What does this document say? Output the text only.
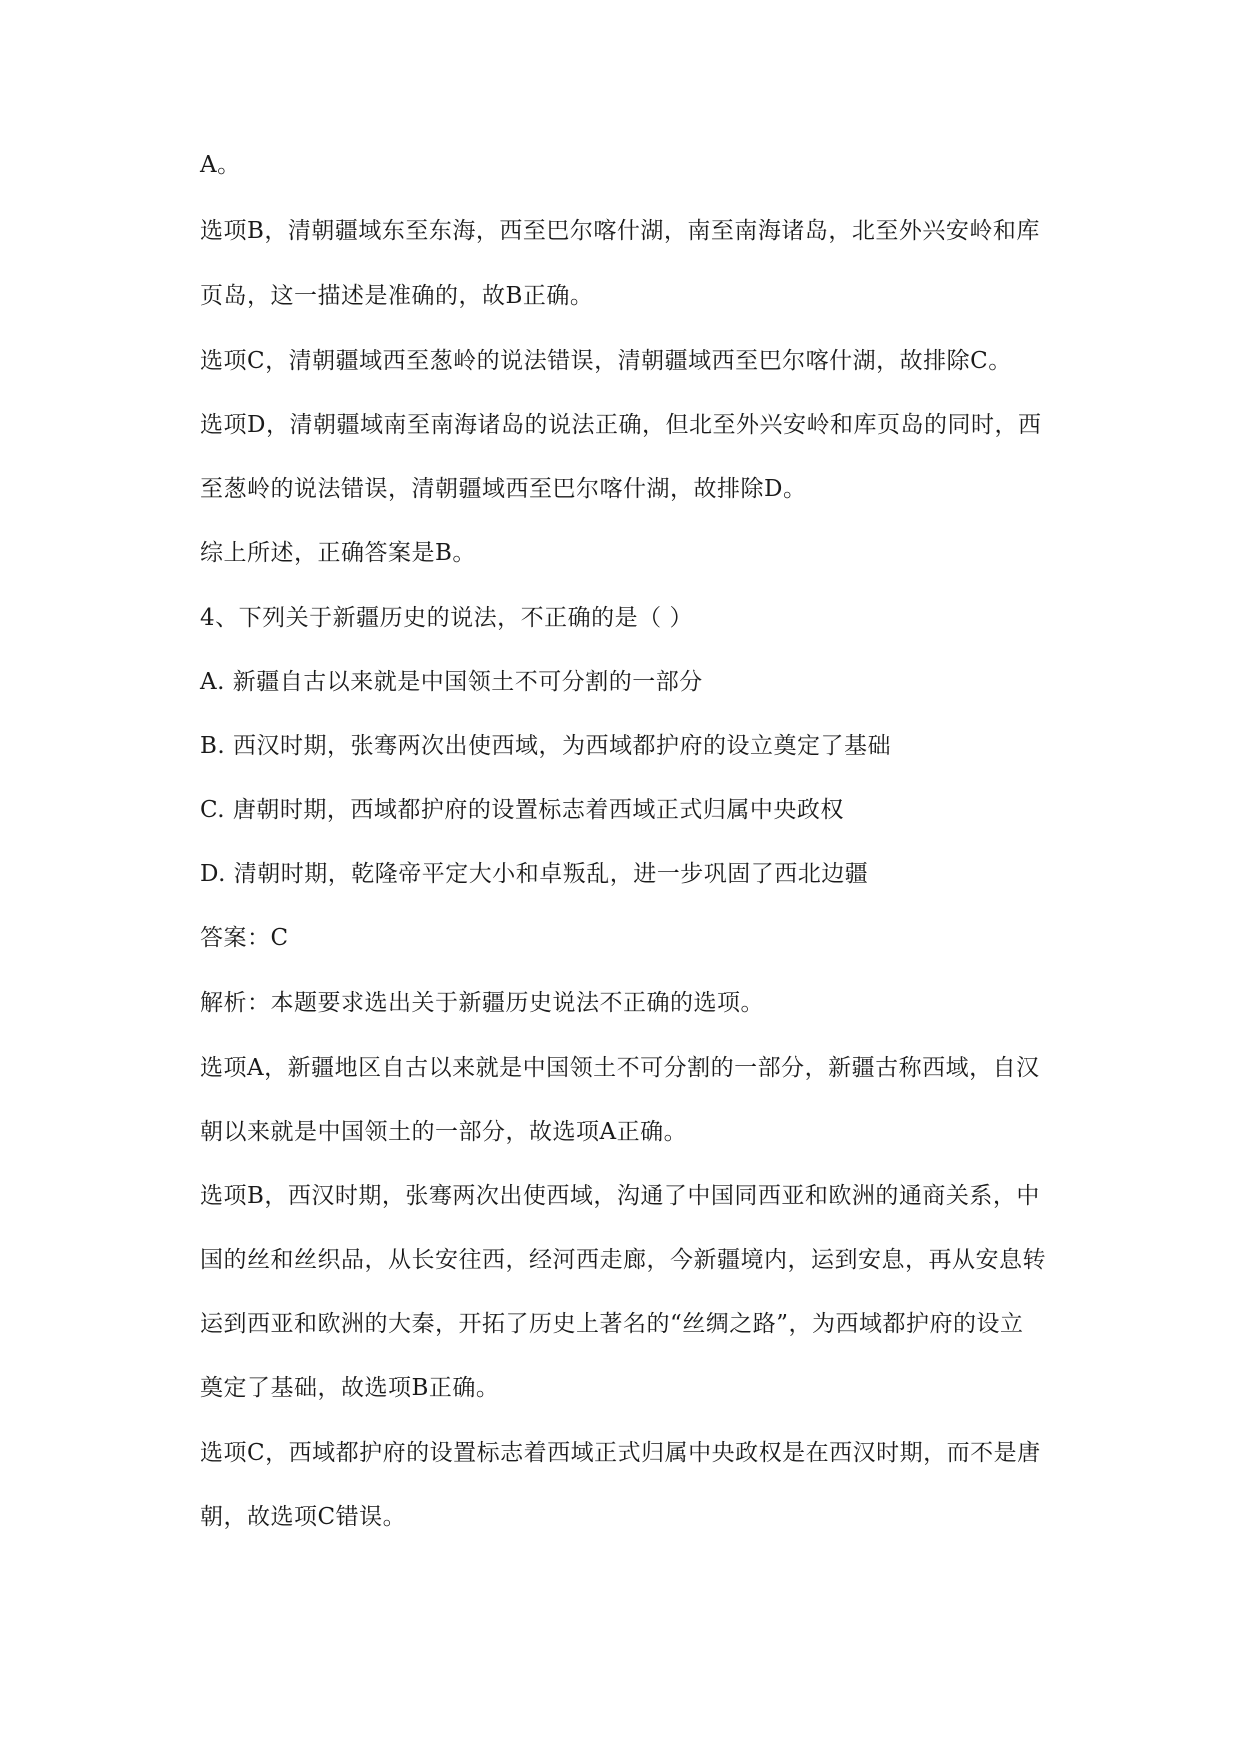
A。
选项B，清朝疆域东至东海，西至巴尔喀什湖，南至南海诸岛，北至外兴安岭和库
页岛，这一描述是准确的，故B正确。
选项C，清朝疆域西至葱岭的说法错误，清朝疆域西至巴尔喀什湖，故排除C。
选项D，清朝疆域南至南海诸岛的说法正确，但北至外兴安岭和库页岛的同时，西
至葱岭的说法错误，清朝疆域西至巴尔喀什湖，故排除D。
综上所述，正确答案是B。
4、下列关于新疆历史的说法，不正确的是（ ）
A. 新疆自古以来就是中国领土不可分割的一部分
B. 西汉时期，张骞两次出使西域，为西域都护府的设立奠定了基础
C. 唐朝时期，西域都护府的设置标志着西域正式归属中央政权
D. 清朝时期，乾隆帝平定大小和卓叛乱，进一步巩固了西北边疆
答案：C
解析：本题要求选出关于新疆历史说法不正确的选项。
选项A，新疆地区自古以来就是中国领土不可分割的一部分，新疆古称西域，自汉
朝以来就是中国领土的一部分，故选项A正确。
选项B，西汉时期，张骞两次出使西域，沟通了中国同西亚和欧洲的通商关系，中
国的丝和丝织品，从长安往西，经河西走廊，今新疆境内，运到安息，再从安息转
运到西亚和欧洲的大秦，开拓了历史上著名的“丝绸之路”，为西域都护府的设立
奠定了基础，故选项B正确。
选项C，西域都护府的设置标志着西域正式归属中央政权是在西汉时期，而不是唐
朝，故选项C错误。
